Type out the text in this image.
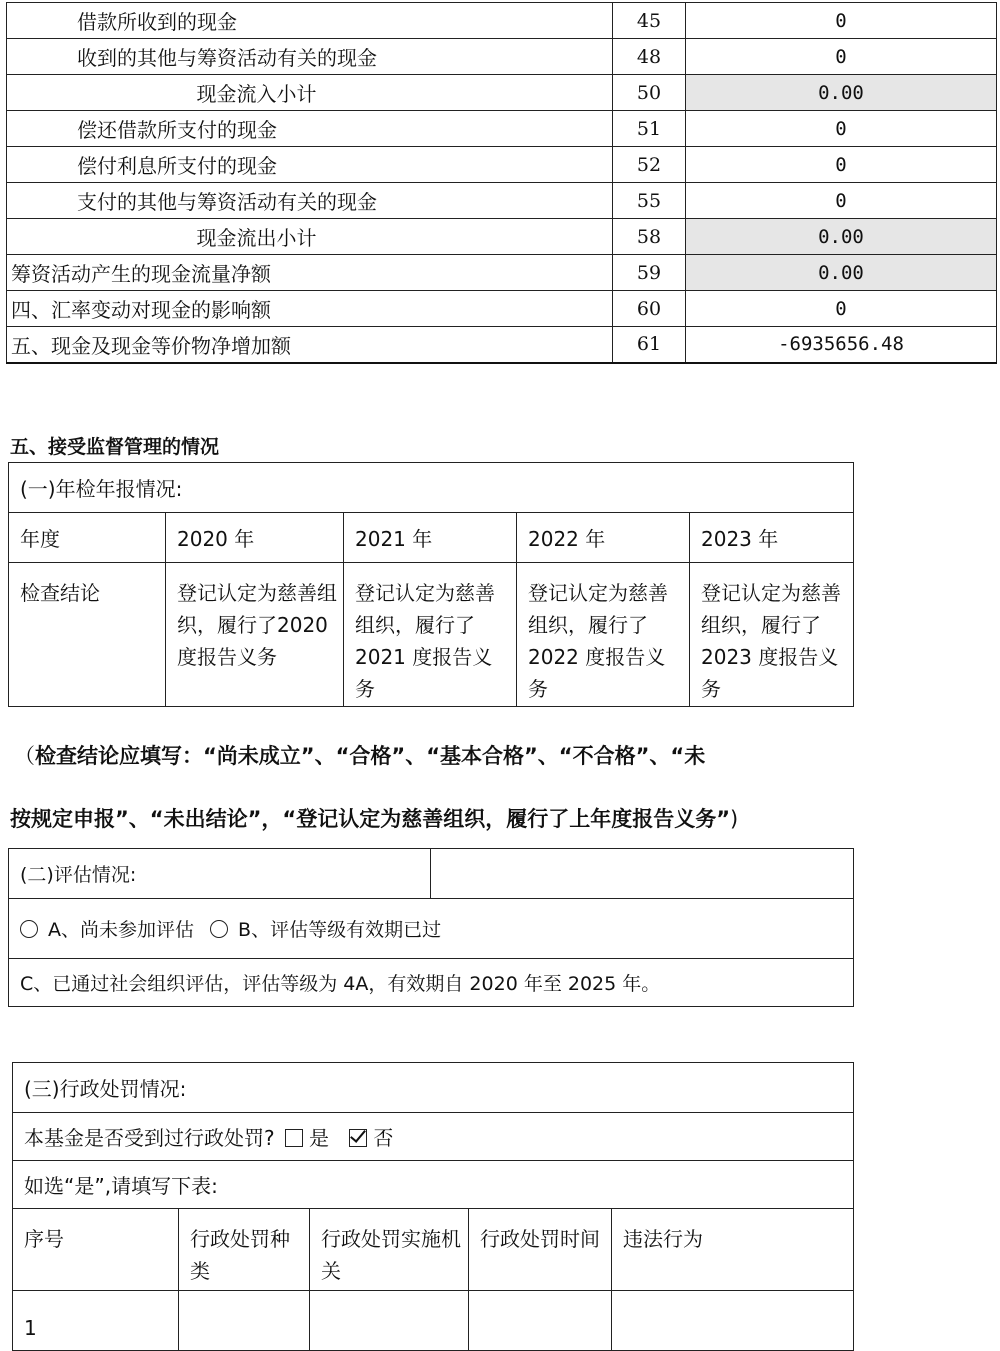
借款所收到的现金	45	0
收到的其他与筹资活动有关的现金	48	0
现金流入小计	50	0.00
偿还借款所支付的现金	51	0
偿付利息所支付的现金	52	0
支付的其他与筹资活动有关的现金	55	0
现金流出小计	58	0.00
筹资活动产生的现金流量净额	59	0.00
四、汇率变动对现金的影响额	60	0
五、现金及现金等价物净增加额	61	-6935656.48
五、接受监督管理的情况
(一)年检年报情况:				
年度	2020 年	2021 年	2022 年	2023 年
检查结论	登记认定为慈善组织，履行了2020 度报告义务	登记认定为慈善组织，履行了2021 度报告义务	登记认定为慈善组织，履行了2022 度报告义务	登记认定为慈善组织，履行了 2023 度报告义务
（检查结论应填写：“尚未成立”、“合格”、“基本合格”、“不合格”、“未
按规定申报”、“未出结论”，“登记认定为慈善组织，履行了上年度报告义务”)
(二)评估情况:	
A、尚未参加评估 B、评估等级有效期已过
C、已通过社会组织评估，评估等级为 4A，有效期自 2020 年至 2025 年。
(三)行政处罚情况:				
本基金是否受到过行政处罚? 是 否				
如选“是”,请填写下表:				
序号	行政处罚种类	行政处罚实施机关	行政处罚时间	违法行为
1				
